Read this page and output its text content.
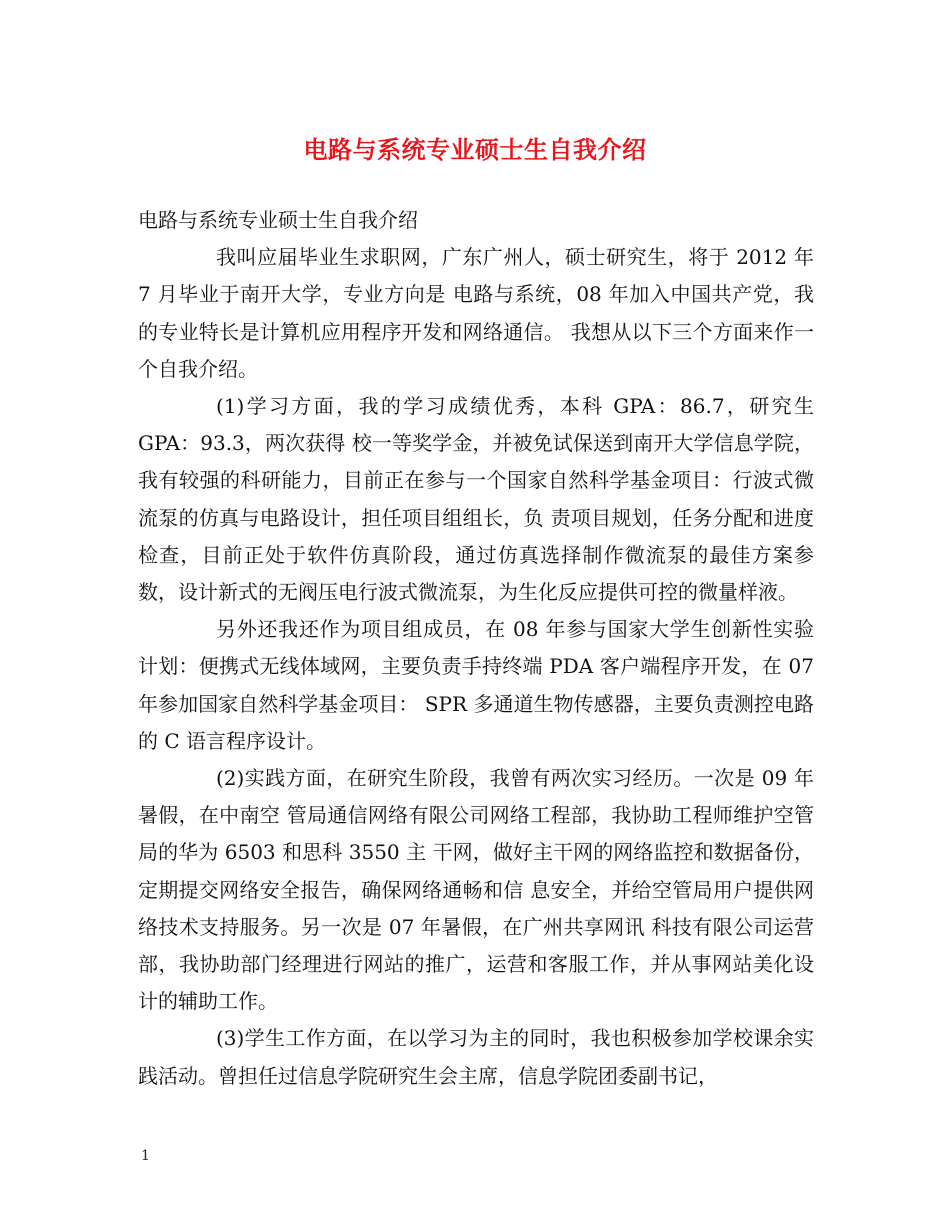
电路与系统专业硕士生自我介绍

电路与系统专业硕士生自我介绍

我叫应届毕业生求职网，广东广州人，硕士研究生，将于 2012 年 7 月毕业于南开大学，专业方向是 电路与系统，08 年加入中国共产党，我的专业特长是计算机应用程序开发和网络通信。 我想从以下三个方面来作一个自我介绍。

(1)学习方面，我的学习成绩优秀，本科 GPA：86.7，研究生 GPA：93.3，两次获得 校一等奖学金，并被免试保送到南开大学信息学院，我有较强的科研能力，目前正在参与一个国家自然科学基金项目：行波式微流泵的仿真与电路设计，担任项目组组长，负 责项目规划，任务分配和进度检查，目前正处于软件仿真阶段，通过仿真选择制作微流泵的最佳方案参数，设计新式的无阀压电行波式微流泵，为生化反应提供可控的微量样液。

另外还我还作为项目组成员，在 08 年参与国家大学生创新性实验计划：便携式无线体域网，主要负责手持终端 PDA 客户端程序开发，在 07 年参加国家自然科学基金项目： SPR 多通道生物传感器，主要负责测控电路的 C 语言程序设计。

(2)实践方面，在研究生阶段，我曾有两次实习经历。一次是 09 年暑假，在中南空 管局通信网络有限公司网络工程部，我协助工程师维护空管局的华为 6503 和思科 3550 主 干网，做好主干网的网络监控和数据备份，定期提交网络安全报告，确保网络通畅和信 息安全，并给空管局用户提供网络技术支持服务。另一次是 07 年暑假，在广州共享网讯 科技有限公司运营部，我协助部门经理进行网站的推广，运营和客服工作，并从事网站美化设计的辅助工作。

(3)学生工作方面，在以学习为主的同时，我也积极参加学校课余实践活动。曾担任过信息学院研究生会主席，信息学院团委副书记，

1
